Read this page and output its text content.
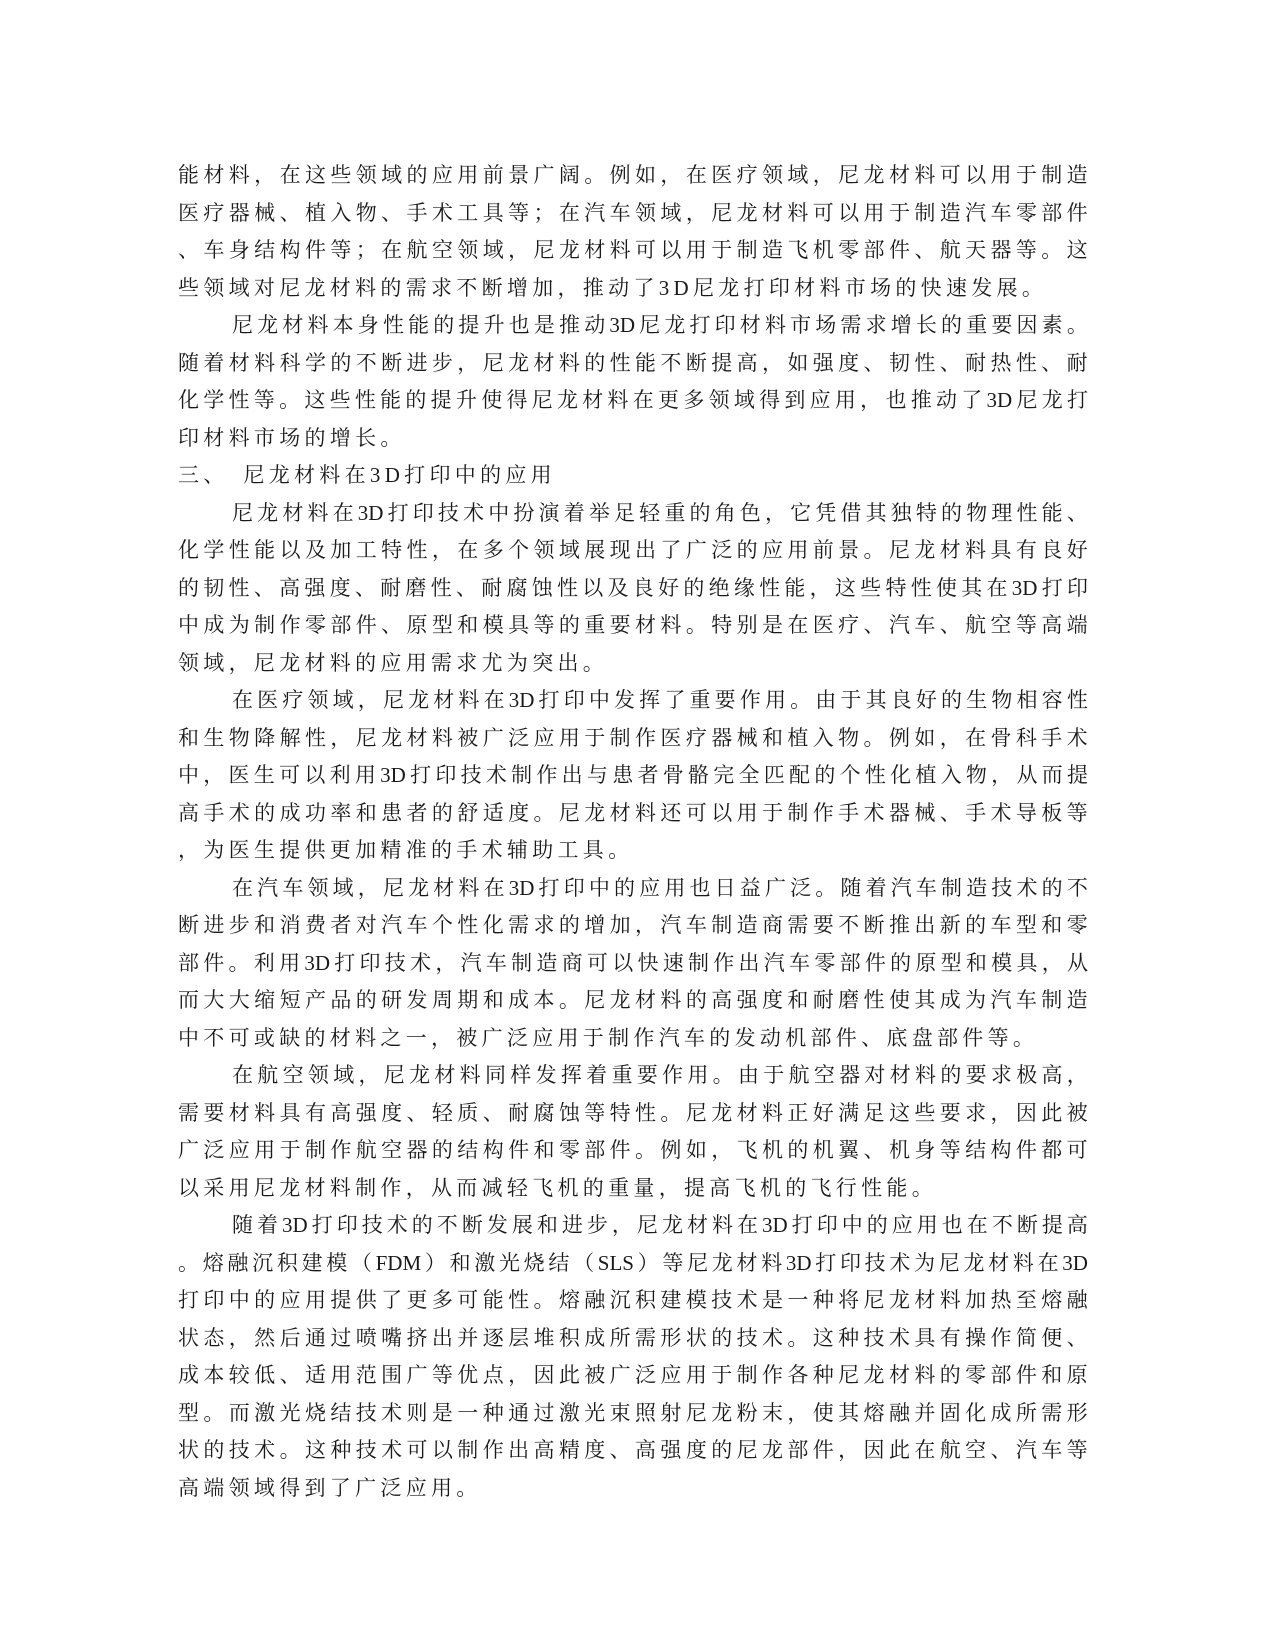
能 材 料 ， 在 这 些 领 域 的 应 用 前 景 广 阔 。 例 如 ， 在 医 疗 领 域 ， 尼 龙 材 料 可 以 用 于 制 造
医 疗 器 械 、 植 入 物 、 手 术 工 具 等 ； 在 汽 车 领 域 ， 尼 龙 材 料 可 以 用 于 制 造 汽 车 零 部 件
、 车 身 结 构 件 等 ； 在 航 空 领 域 ， 尼 龙 材 料 可 以 用 于 制 造 飞 机 零 部 件 、 航 天 器 等 。 这
些领域对尼龙材料的需求不断增加，推动了3D尼龙打印材料市场的快速发展。
尼 龙 材 料 本 身 性 能 的 提 升 也 是 推 动 3D 尼 龙 打 印 材 料 市 场 需 求 增 长 的 重 要 因 素 。
随 着 材 料 科 学 的 不 断 进 步 ， 尼 龙 材 料 的 性 能 不 断 提 高 ， 如 强 度 、 韧 性 、 耐 热 性 、 耐
化 学 性 等 。 这 些 性 能 的 提 升 使 得 尼 龙 材 料 在 更 多 领 域 得 到 应 用 ， 也 推 动 了 3D 尼 龙 打
印材料市场的增长。
三、　尼龙材料在3D打印中的应用
尼 龙 材 料 在 3D 打 印 技 术 中 扮 演 着 举 足 轻 重 的 角 色 ， 它 凭 借 其 独 特 的 物 理 性 能 、
化 学 性 能 以 及 加 工 特 性 ， 在 多 个 领 域 展 现 出 了 广 泛 的 应 用 前 景 。 尼 龙 材 料 具 有 良 好
的 韧 性 、 高 强 度 、 耐 磨 性 、 耐 腐 蚀 性 以 及 良 好 的 绝 缘 性 能 ， 这 些 特 性 使 其 在 3D 打 印
中 成 为 制 作 零 部 件 、 原 型 和 模 具 等 的 重 要 材 料 。 特 别 是 在 医 疗 、 汽 车 、 航 空 等 高 端
领域，尼龙材料的应用需求尤为突出。
在 医 疗 领 域 ， 尼 龙 材 料 在 3D 打 印 中 发 挥 了 重 要 作 用 。 由 于 其 良 好 的 生 物 相 容 性
和 生 物 降 解 性 ， 尼 龙 材 料 被 广 泛 应 用 于 制 作 医 疗 器 械 和 植 入 物 。 例 如 ， 在 骨 科 手 术
中 ， 医 生 可 以 利 用 3D 打 印 技 术 制 作 出 与 患 者 骨 骼 完 全 匹 配 的 个 性 化 植 入 物 ， 从 而 提
高 手 术 的 成 功 率 和 患 者 的 舒 适 度 。 尼 龙 材 料 还 可 以 用 于 制 作 手 术 器 械 、 手 术 导 板 等
，为医生提供更加精准的手术辅助工具。
在 汽 车 领 域 ， 尼 龙 材 料 在 3D 打 印 中 的 应 用 也 日 益 广 泛 。 随 着 汽 车 制 造 技 术 的 不
断 进 步 和 消 费 者 对 汽 车 个 性 化 需 求 的 增 加 ， 汽 车 制 造 商 需 要 不 断 推 出 新 的 车 型 和 零
部 件 。 利 用 3D 打 印 技 术 ， 汽 车 制 造 商 可 以 快 速 制 作 出 汽 车 零 部 件 的 原 型 和 模 具 ， 从
而 大 大 缩 短 产 品 的 研 发 周 期 和 成 本 。 尼 龙 材 料 的 高 强 度 和 耐 磨 性 使 其 成 为 汽 车 制 造
中不可或缺的材料之一，被广泛应用于制作汽车的发动机部件、底盘部件等。
在 航 空 领 域 ， 尼 龙 材 料 同 样 发 挥 着 重 要 作 用 。 由 于 航 空 器 对 材 料 的 要 求 极 高 ，
需 要 材 料 具 有 高 强 度 、 轻 质 、 耐 腐 蚀 等 特 性 。 尼 龙 材 料 正 好 满 足 这 些 要 求 ， 因 此 被
广 泛 应 用 于 制 作 航 空 器 的 结 构 件 和 零 部 件 。 例 如 ， 飞 机 的 机 翼 、 机 身 等 结 构 件 都 可
以采用尼龙材料制作，从而减轻飞机的重量，提高飞机的飞行性能。
随 着 3D 打 印 技 术 的 不 断 发 展 和 进 步 ， 尼 龙 材 料 在 3D 打 印 中 的 应 用 也 在 不 断 提 高
。 熔 融 沉 积 建 模 （ FDM ） 和 激 光 烧 结 （ SLS ） 等 尼 龙 材 料 3D 打 印 技 术 为 尼 龙 材 料 在 3D
打 印 中 的 应 用 提 供 了 更 多 可 能 性 。 熔 融 沉 积 建 模 技 术 是 一 种 将 尼 龙 材 料 加 热 至 熔 融
状 态 ， 然 后 通 过 喷 嘴 挤 出 并 逐 层 堆 积 成 所 需 形 状 的 技 术 。 这 种 技 术 具 有 操 作 简 便 、
成 本 较 低 、 适 用 范 围 广 等 优 点 ， 因 此 被 广 泛 应 用 于 制 作 各 种 尼 龙 材 料 的 零 部 件 和 原
型 。 而 激 光 烧 结 技 术 则 是 一 种 通 过 激 光 束 照 射 尼 龙 粉 末 ， 使 其 熔 融 并 固 化 成 所 需 形
状 的 技 术 。 这 种 技 术 可 以 制 作 出 高 精 度 、 高 强 度 的 尼 龙 部 件 ， 因 此 在 航 空 、 汽 车 等
高端领域得到了广泛应用。
